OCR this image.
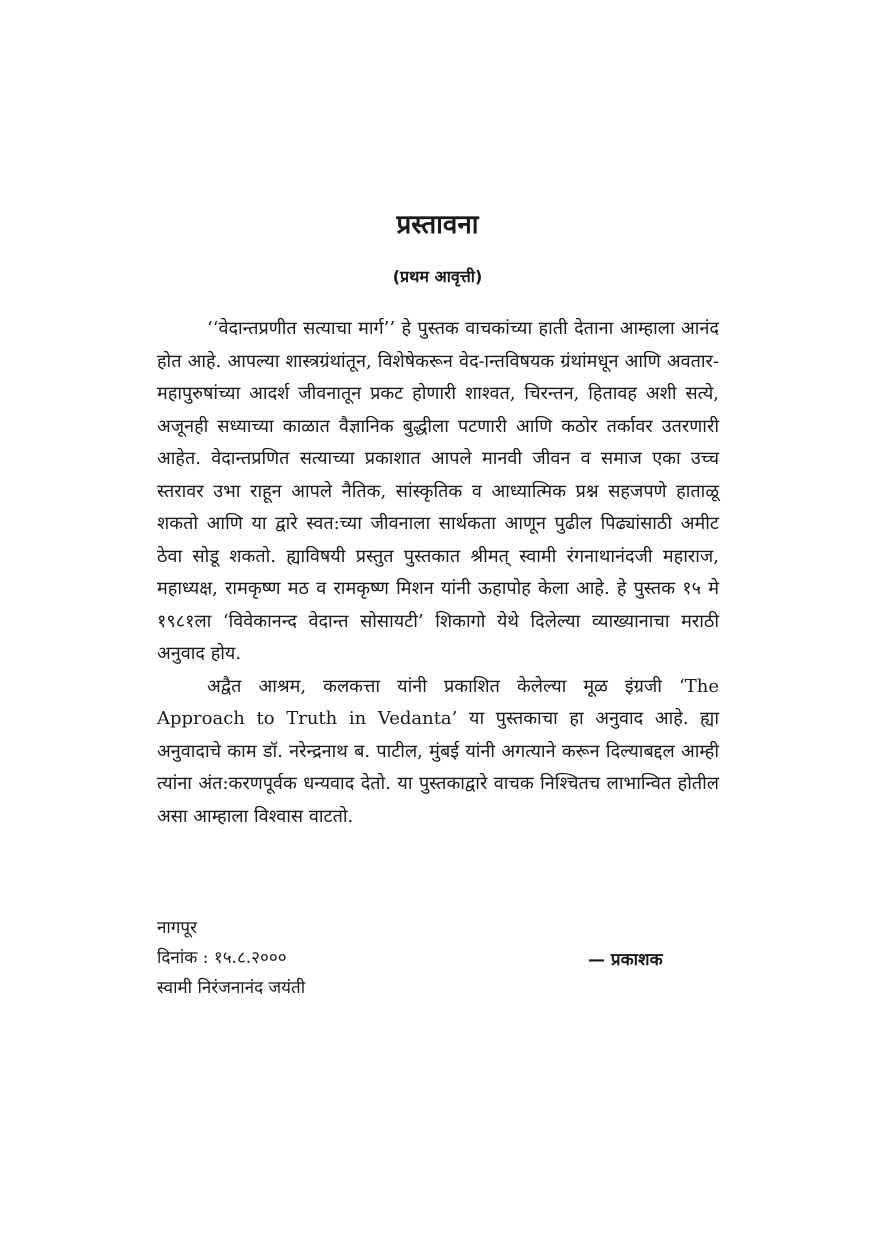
प्रस्तावना
(प्रथम आवृत्ती)

‘‘वेदान्तप्रणीत सत्याचा मार्ग’’ हे पुस्तक वाचकांच्या हाती देताना आम्हाला आनंद होत आहे. आपल्या शास्त्रग्रंथांतून, विशेषेकरून वेद-ान्तविषयक ग्रंथांमधून आणि अवतार-महापुरुषांच्या आदर्श जीवनातून प्रकट होणारी शाश्वत, चिरन्तन, हितावह अशी सत्ये, अजूनही सध्याच्या काळात वैज्ञानिक बुद्धीला पटणारी आणि कठोर तर्कावर उतरणारी आहेत. वेदान्तप्रणित सत्याच्या प्रकाशात आपले मानवी जीवन व समाज एका उच्च स्तरावर उभा राहून आपले नैतिक, सांस्कृतिक व आध्यात्मिक प्रश्न सहजपणे हाताळू शकतो आणि या द्वारे स्वत:च्या जीवनाला सार्थकता आणून पुढील पिढ्यांसाठी अमीट ठेवा सोडू शकतो. ह्याविषयी प्रस्तुत पुस्तकात श्रीमत् स्वामी रंगनाथानंदजी महाराज, महाध्यक्ष, रामकृष्ण मठ व रामकृष्ण मिशन यांनी ऊहापोह केला आहे. हे पुस्तक १५ मे १९८१ला ‘विवेकानन्द वेदान्त सोसायटी’ शिकागो येथे दिलेल्या व्याख्यानाचा मराठी अनुवाद होय.

अद्वैत आश्रम, कलकत्ता यांनी प्रकाशित केलेल्या मूळ इंग्रजी ‘The Approach to Truth in Vedanta’ या पुस्तकाचा हा अनुवाद आहे. ह्या अनुवादाचे काम डॉ. नरेन्द्रनाथ ब. पाटील, मुंबई यांनी अगत्याने करून दिल्याबद्दल आम्ही त्यांना अंत:करणपूर्वक धन्यवाद देतो. या पुस्तकाद्वारे वाचक निश्चितच लाभान्वित होतील असा आम्हाला विश्वास वाटतो.

नागपूर
दिनांक : १५.८.२०००
स्वामी निरंजनानंद जयंती
— प्रकाशक
